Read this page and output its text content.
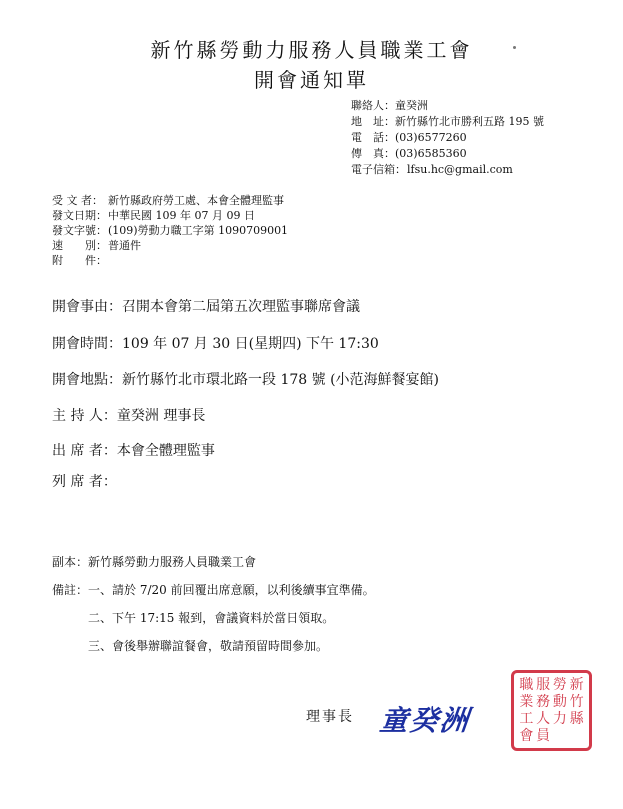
新竹縣勞動力服務人員職業工會
開會通知單
聯絡人：童癸洲
地　址：新竹縣竹北市勝利五路 195 號
電　話：(03)6577260
傳　真：(03)6585360
電子信箱：lfsu.hc@gmail.com
受 文 者： 新竹縣政府勞工處、本會全體理監事
發文日期：中華民國 109 年 07 月 09 日
發文字號：(109)勞動力職工字第 1090709001
速　　別：普通件
附　　件：
開會事由：召開本會第二屆第五次理監事聯席會議
開會時間：109 年 07 月 30 日(星期四) 下午 17:30
開會地點：新竹縣竹北市環北路一段 178 號 (小范海鮮餐宴館)
主 持 人：童癸洲 理事長
出 席 者：本會全體理監事
列 席 者：
副本：新竹縣勞動力服務人員職業工會
備註：一、請於 7/20 前回覆出席意願，以利後續事宜準備。
二、下午 17:15 報到，會議資料於當日領取。
三、會後舉辦聯誼餐會，敬請預留時間參加。
理事長 童癸洲
職 服 勞 新
業 務 動 竹
工 人 力 縣
會 員
